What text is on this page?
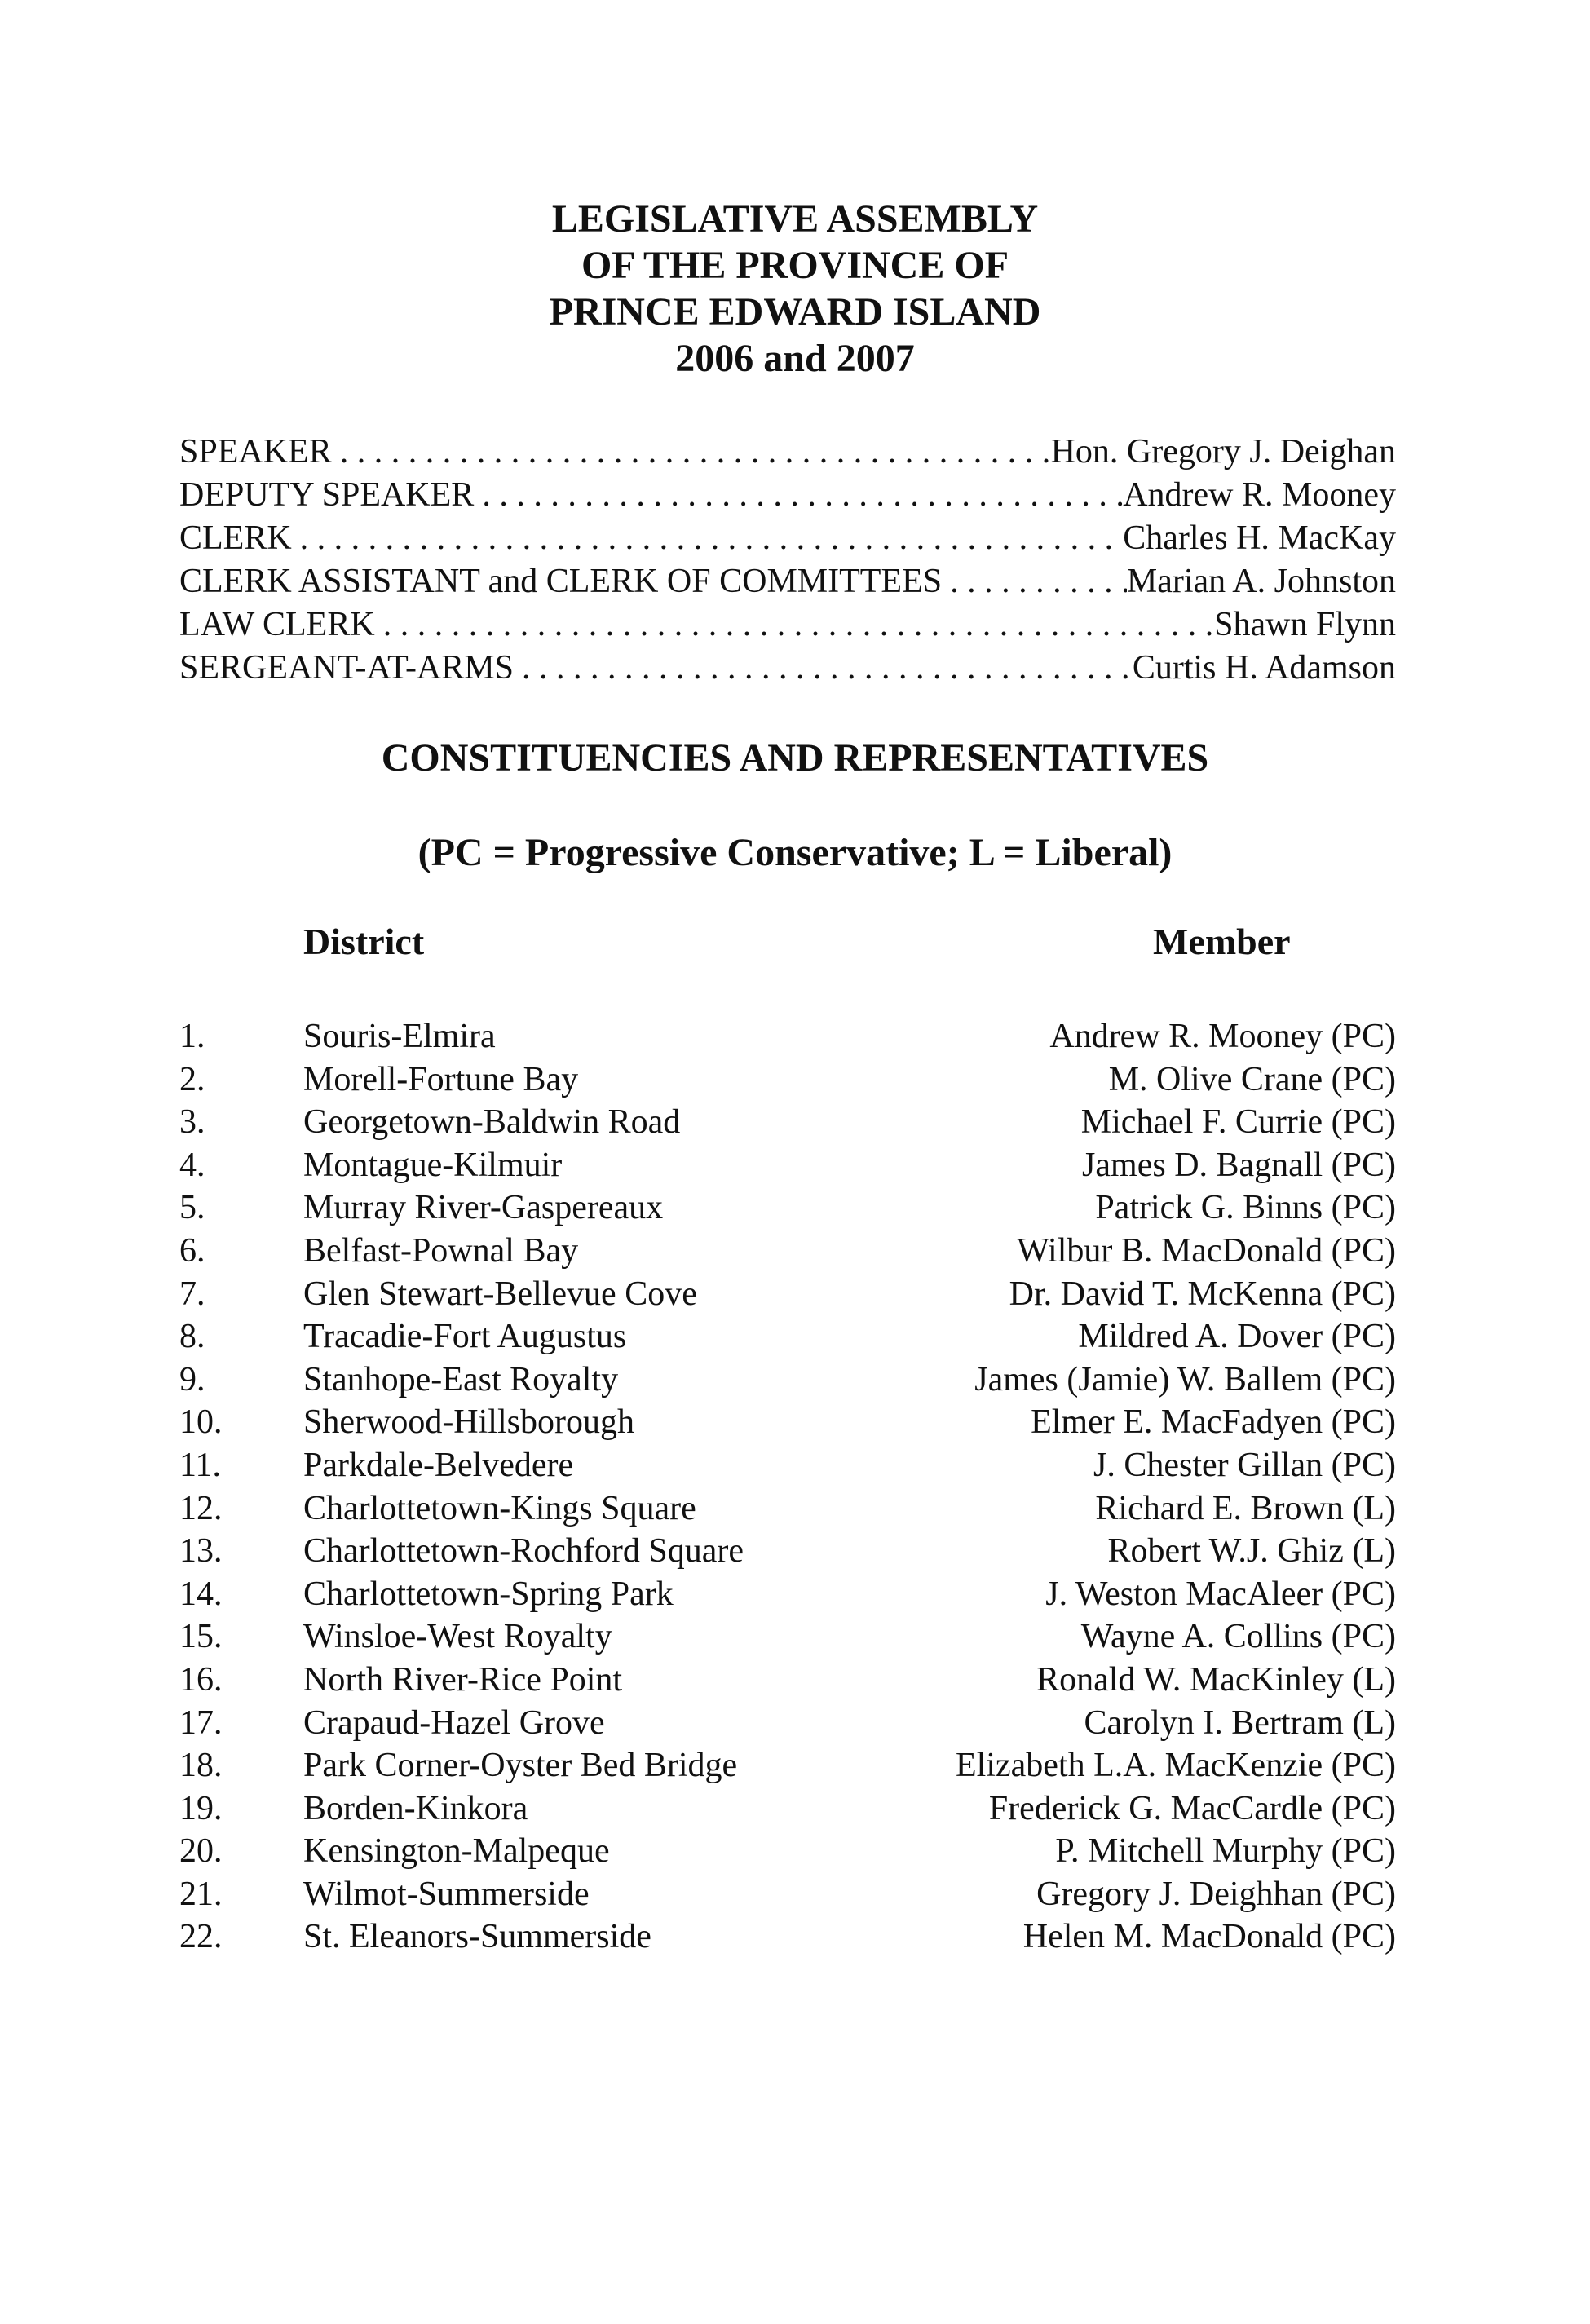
LEGISLATIVE ASSEMBLY
OF THE PROVINCE OF
PRINCE EDWARD ISLAND
2006 and 2007
SPEAKER . . .	Hon. Gregory J. Deighan
DEPUTY SPEAKER . . .	Andrew R. Mooney
CLERK . . .	Charles H. MacKay
CLERK ASSISTANT and CLERK OF COMMITTEES . . .	Marian A. Johnston
LAW CLERK . . .	Shawn Flynn
SERGEANT-AT-ARMS . . .	Curtis H. Adamson
CONSTITUENCIES AND REPRESENTATIVES
(PC = Progressive Conservative; L = Liberal)
District	Member
1.	Souris-Elmira	Andrew R. Mooney (PC)
2.	Morell-Fortune Bay	M. Olive Crane (PC)
3.	Georgetown-Baldwin Road	Michael F. Currie (PC)
4.	Montague-Kilmuir	James D. Bagnall (PC)
5.	Murray River-Gaspereaux	Patrick G. Binns (PC)
6.	Belfast-Pownal Bay	Wilbur B. MacDonald (PC)
7.	Glen Stewart-Bellevue Cove	Dr. David T. McKenna (PC)
8.	Tracadie-Fort Augustus	Mildred A. Dover (PC)
9.	Stanhope-East Royalty	James (Jamie) W. Ballem (PC)
10. Sherwood-Hillsborough	Elmer E. MacFadyen (PC)
11. Parkdale-Belvedere	J. Chester Gillan (PC)
12. Charlottetown-Kings Square	Richard E. Brown (L)
13. Charlottetown-Rochford Square	Robert W.J. Ghiz (L)
14. Charlottetown-Spring Park	J. Weston MacAleer (PC)
15. Winsloe-West Royalty	Wayne A. Collins (PC)
16. North River-Rice Point	Ronald W. MacKinley (L)
17. Crapaud-Hazel Grove	Carolyn I. Bertram (L)
18. Park Corner-Oyster Bed Bridge	Elizabeth L.A. MacKenzie (PC)
19. Borden-Kinkora	Frederick G. MacCardle (PC)
20. Kensington-Malpeque	P. Mitchell Murphy (PC)
21. Wilmot-Summerside	Gregory J. Deighhan (PC)
22. St. Eleanors-Summerside	Helen M. MacDonald (PC)
